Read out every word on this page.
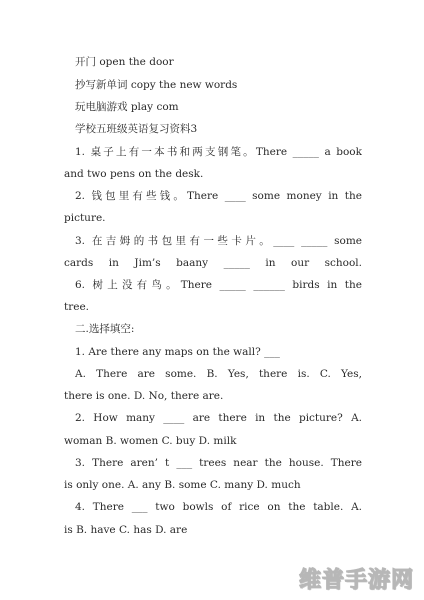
开门 open the door
抄写新单词 copy the new words
玩电脑游戏 play com
学校五班级英语复习资料3
1. 桌子上有一本书和两支钢笔。There _____ a book
and two pens on the desk.
2. 钱包里有些钱。There ____ some money in the
picture.
3. 在吉姆的书包里有一些卡片。____ _____ some
cards in Jim’s baany _____ in our school.
6. 树上没有鸟。There _____ ______ birds in the
tree.
二.选择填空:
1. Are there any maps on the wall? ___
A. There are some. B. Yes, there is. C. Yes,
there is one. D. No, there are.
2. How many ____ are there in the picture? A.
woman B. women C. buy D. milk
3. There aren’ t ___ trees near the house. There
is only one. A. any B. some C. many D. much
4. There ___ two bowls of rice on the table. A.
is B. have C. has D. are
维普手游网
